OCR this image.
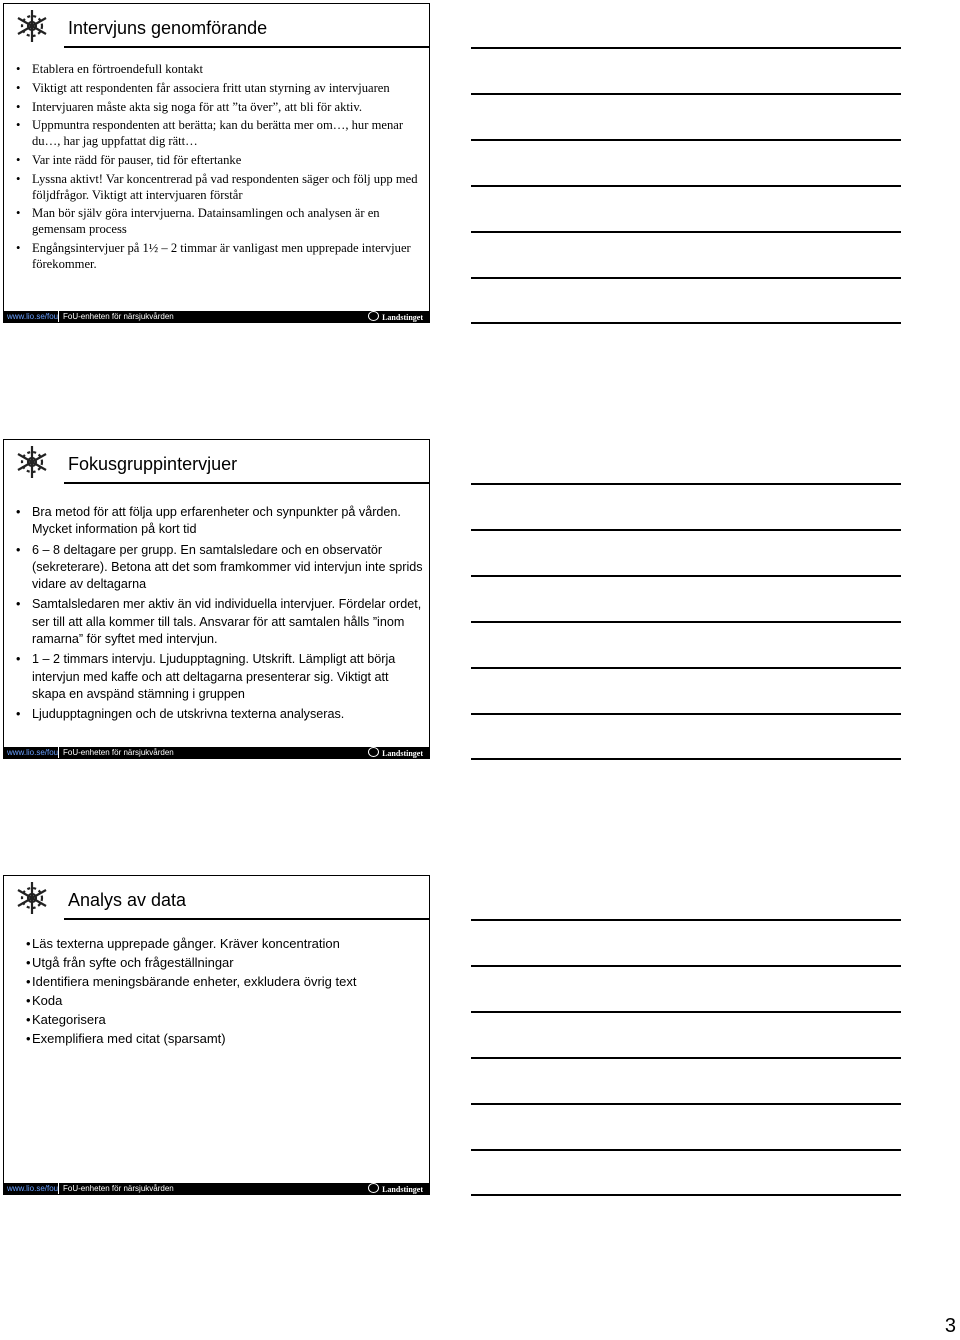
Intervjuns genomförande
• Etablera en förtroendefull kontakt
• Viktigt att respondenten får associera fritt utan styrning av intervjuaren
• Intervjuaren måste akta sig noga för att ”ta över”, att bli för aktiv.
• Uppmuntra respondenten att berätta; kan du berätta mer om…, hur menar du…, har jag uppfattat dig rätt…
• Var inte rädd för pauser, tid för eftertanke
• Lyssna aktivt! Var koncentrerad på vad respondenten säger och följ upp med följdfrågor. Viktigt att intervjuaren förstår
• Man bör själv göra intervjuerna. Datainsamlingen och analysen är en gemensam process
• Engångsintervjuer på 1½ – 2 timmar är vanligast men upprepade intervjuer förekommer.
www.lio.se/fou FoU-enheten för närsjukvården	Landstinget
Fokusgruppintervjuer
• Bra metod för att följa upp erfarenheter och synpunkter på vården. Mycket information på kort tid
• 6 – 8 deltagare per grupp. En samtalsledare och en observatör (sekreterare). Betona att det som framkommer vid intervjun inte sprids vidare av deltagarna
• Samtalsledaren mer aktiv än vid individuella intervjuer. Fördelar ordet, ser till att alla kommer till tals. Ansvarar för att samtalen hålls ”inom ramarna” för syftet med intervjun.
• 1 – 2 timmars intervju. Ljudupptagning. Utskrift. Lämpligt att börja intervjun med kaffe och att deltagarna presenterar sig. Viktigt att skapa en avspänd stämning i gruppen
• Ljudupptagningen och de utskrivna texterna analyseras.
www.lio.se/fou FoU-enheten för närsjukvården	Landstinget
Analys av data
• Läs texterna upprepade gånger. Kräver koncentration
• Utgå från syfte och frågeställningar
• Identifiera meningsbärande enheter, exkludera övrig text
• Koda
• Kategorisera
• Exemplifiera med citat (sparsamt)
www.lio.se/fou FoU-enheten för närsjukvården	Landstinget
3
